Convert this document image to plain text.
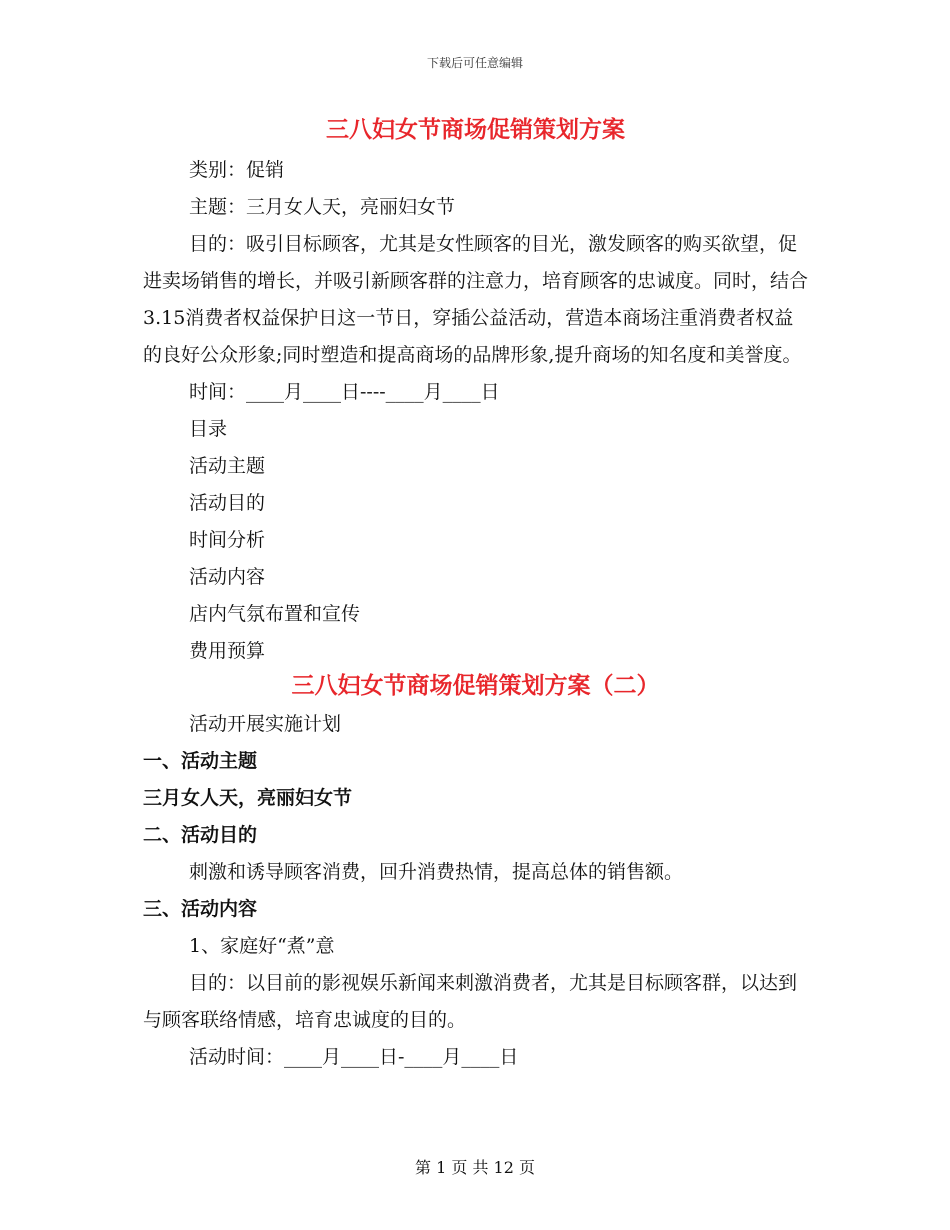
下载后可任意编辑
三八妇女节商场促销策划方案

类别：促销

主题：三月女人天，亮丽妇女节

目的：吸引目标顾客，尤其是女性顾客的目光，激发顾客的购买欲望，促进卖场销售的增长，并吸引新顾客群的注意力，培育顾客的忠诚度。同时，结合3.15消费者权益保护日这一节日，穿插公益活动，营造本商场注重消费者权益的良好公众形象;同时塑造和提高商场的品牌形象,提升商场的知名度和美誉度。

时间：____月____日----____月____日

目录

活动主题

活动目的

时间分析

活动内容

店内气氛布置和宣传

费用预算

三八妇女节商场促销策划方案（二）

活动开展实施计划

一、活动主题

三月女人天，亮丽妇女节

二、活动目的

刺激和诱导顾客消费，回升消费热情，提高总体的销售额。

三、活动内容

1、家庭好“煮”意

目的：以目前的影视娱乐新闻来刺激消费者，尤其是目标顾客群，以达到与顾客联络情感，培育忠诚度的目的。

活动时间：____月____日-____月____日

第 1 页 共 12 页
